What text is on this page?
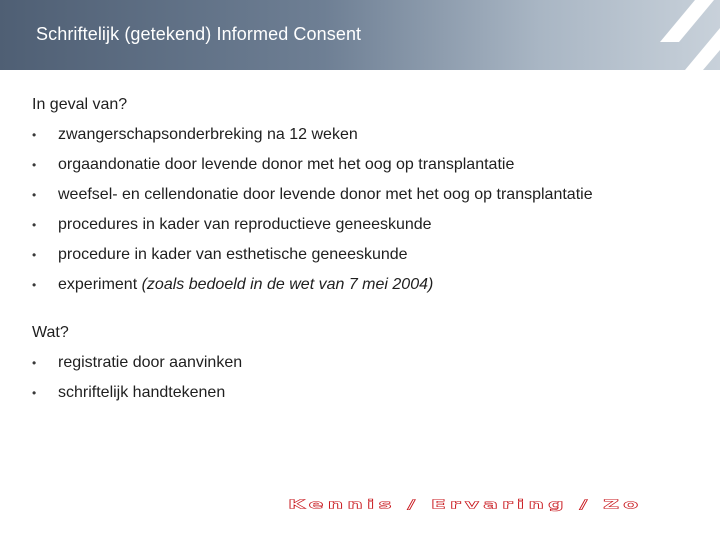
Schriftelijk (getekend) Informed Consent

In geval van?

• zwangerschapsonderbreking na 12 weken
• orgaandonatie door levende donor met het oog op transplantatie
• weefsel- en cellendonatie door levende donor met het oog op transplantatie
• procedures in kader van reproductieve geneeskunde
• procedure in kader van esthetische geneeskunde
• experiment (zoals bedoeld in de wet van 7 mei 2004)

Wat?

• registratie door aanvinken
• schriftelijk handtekenen
Kennis / Ervaring / Zo
